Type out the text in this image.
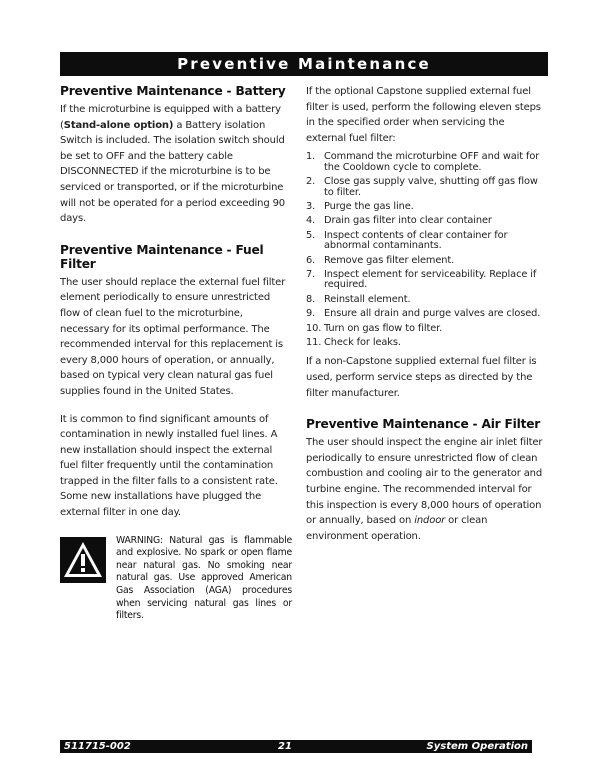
Preventive Maintenance
Preventive Maintenance - Battery

If the microturbine is equipped with a battery (Stand-alone option) a Battery isolation Switch is included. The isolation switch should be set to OFF and the battery cable DISCONNECTED if the microturbine is to be serviced or transported, or if the microturbine will not be operated for a period exceeding 90 days.

Preventive Maintenance - Fuel Filter

The user should replace the external fuel filter element periodically to ensure unrestricted flow of clean fuel to the microturbine, necessary for its optimal performance. The recommended interval for this replacement is every 8,000 hours of operation, or annually, based on typical very clean natural gas fuel supplies found in the United States.

It is common to find significant amounts of contamination in newly installed fuel lines. A new installation should inspect the external fuel filter frequently until the contamination trapped in the filter falls to a consistent rate. Some new installations have plugged the external filter in one day.

WARNING: Natural gas is flammable and explosive. No spark or open flame near natural gas. No smoking near natural gas. Use approved American Gas Association (AGA) procedures when servicing natural gas lines or filters.

If the optional Capstone supplied external fuel filter is used, perform the following eleven steps in the specified order when servicing the external fuel filter:

1. Command the microturbine OFF and wait for the Cooldown cycle to complete.
2. Close gas supply valve, shutting off gas flow to filter.
3. Purge the gas line.
4. Drain gas filter into clear container
5. Inspect contents of clear container for abnormal contaminants.
6. Remove gas filter element.
7. Inspect element for serviceability. Replace if required.
8. Reinstall element.
9. Ensure all drain and purge valves are closed.
10. Turn on gas flow to filter.
11. Check for leaks.

If a non-Capstone supplied external fuel filter is used, perform service steps as directed by the filter manufacturer.

Preventive Maintenance - Air Filter

The user should inspect the engine air inlet filter periodically to ensure unrestricted flow of clean combustion and cooling air to the generator and turbine engine. The recommended interval for this inspection is every 8,000 hours of operation or annually, based on indoor or clean environment operation.

511715-002	21	System Operation
